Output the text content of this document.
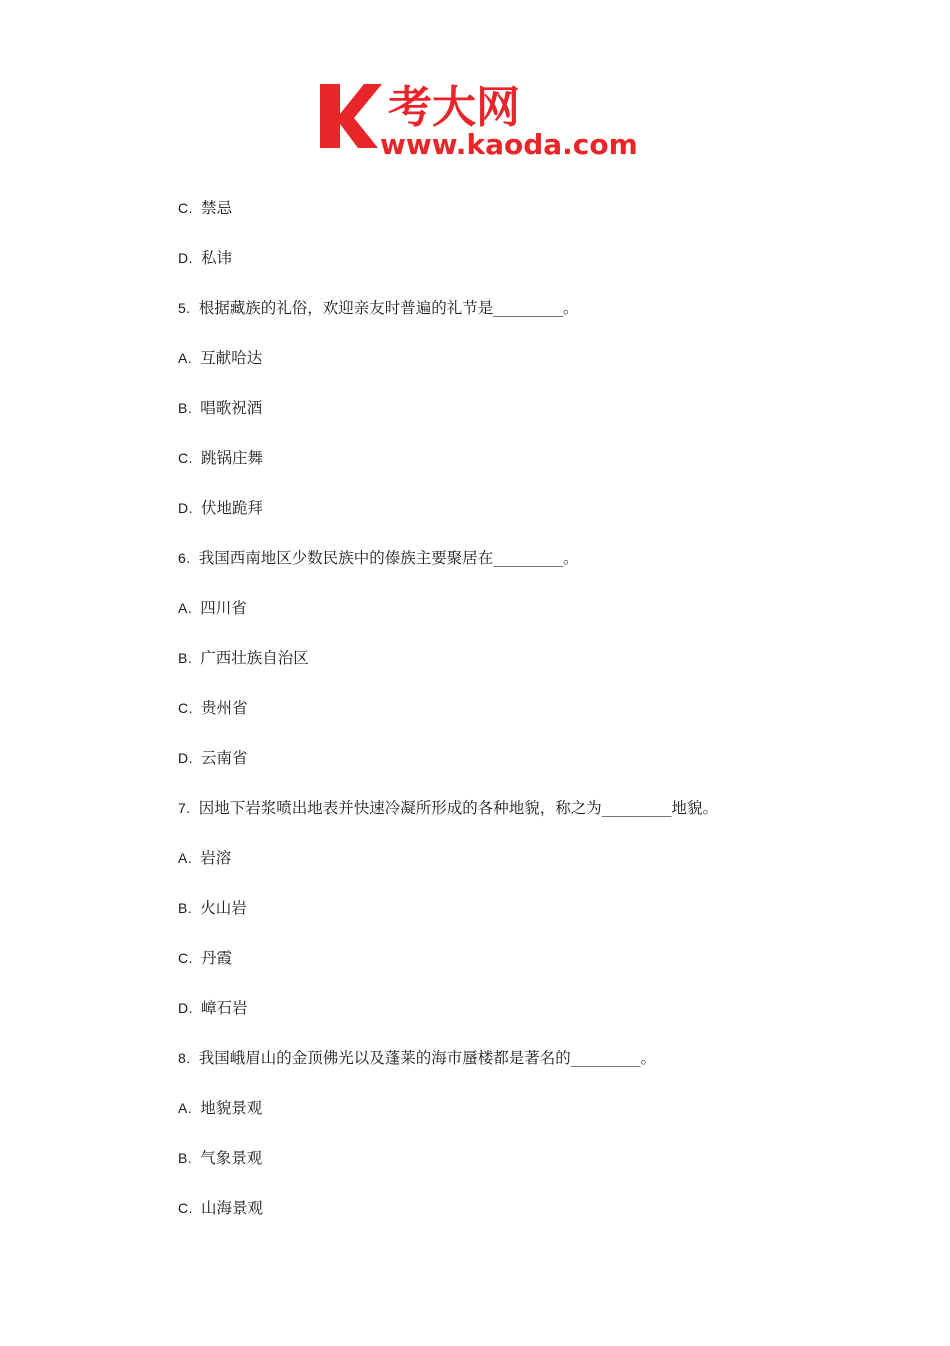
考大网
www.kaoda.com
C. 禁忌
D. 私讳
5. 根据藏族的礼俗，欢迎亲友时普遍的礼节是_________。
A. 互献哈达
B. 唱歌祝酒
C. 跳锅庄舞
D. 伏地跪拜
6. 我国西南地区少数民族中的傣族主要聚居在_________。
A. 四川省
B. 广西壮族自治区
C. 贵州省
D. 云南省
7. 因地下岩浆喷出地表并快速冷凝所形成的各种地貌，称之为_________地貌。
A. 岩溶
B. 火山岩
C. 丹霞
D. 嶂石岩
8. 我国峨眉山的金顶佛光以及蓬莱的海市蜃楼都是著名的_________。
A. 地貌景观
B. 气象景观
C. 山海景观
